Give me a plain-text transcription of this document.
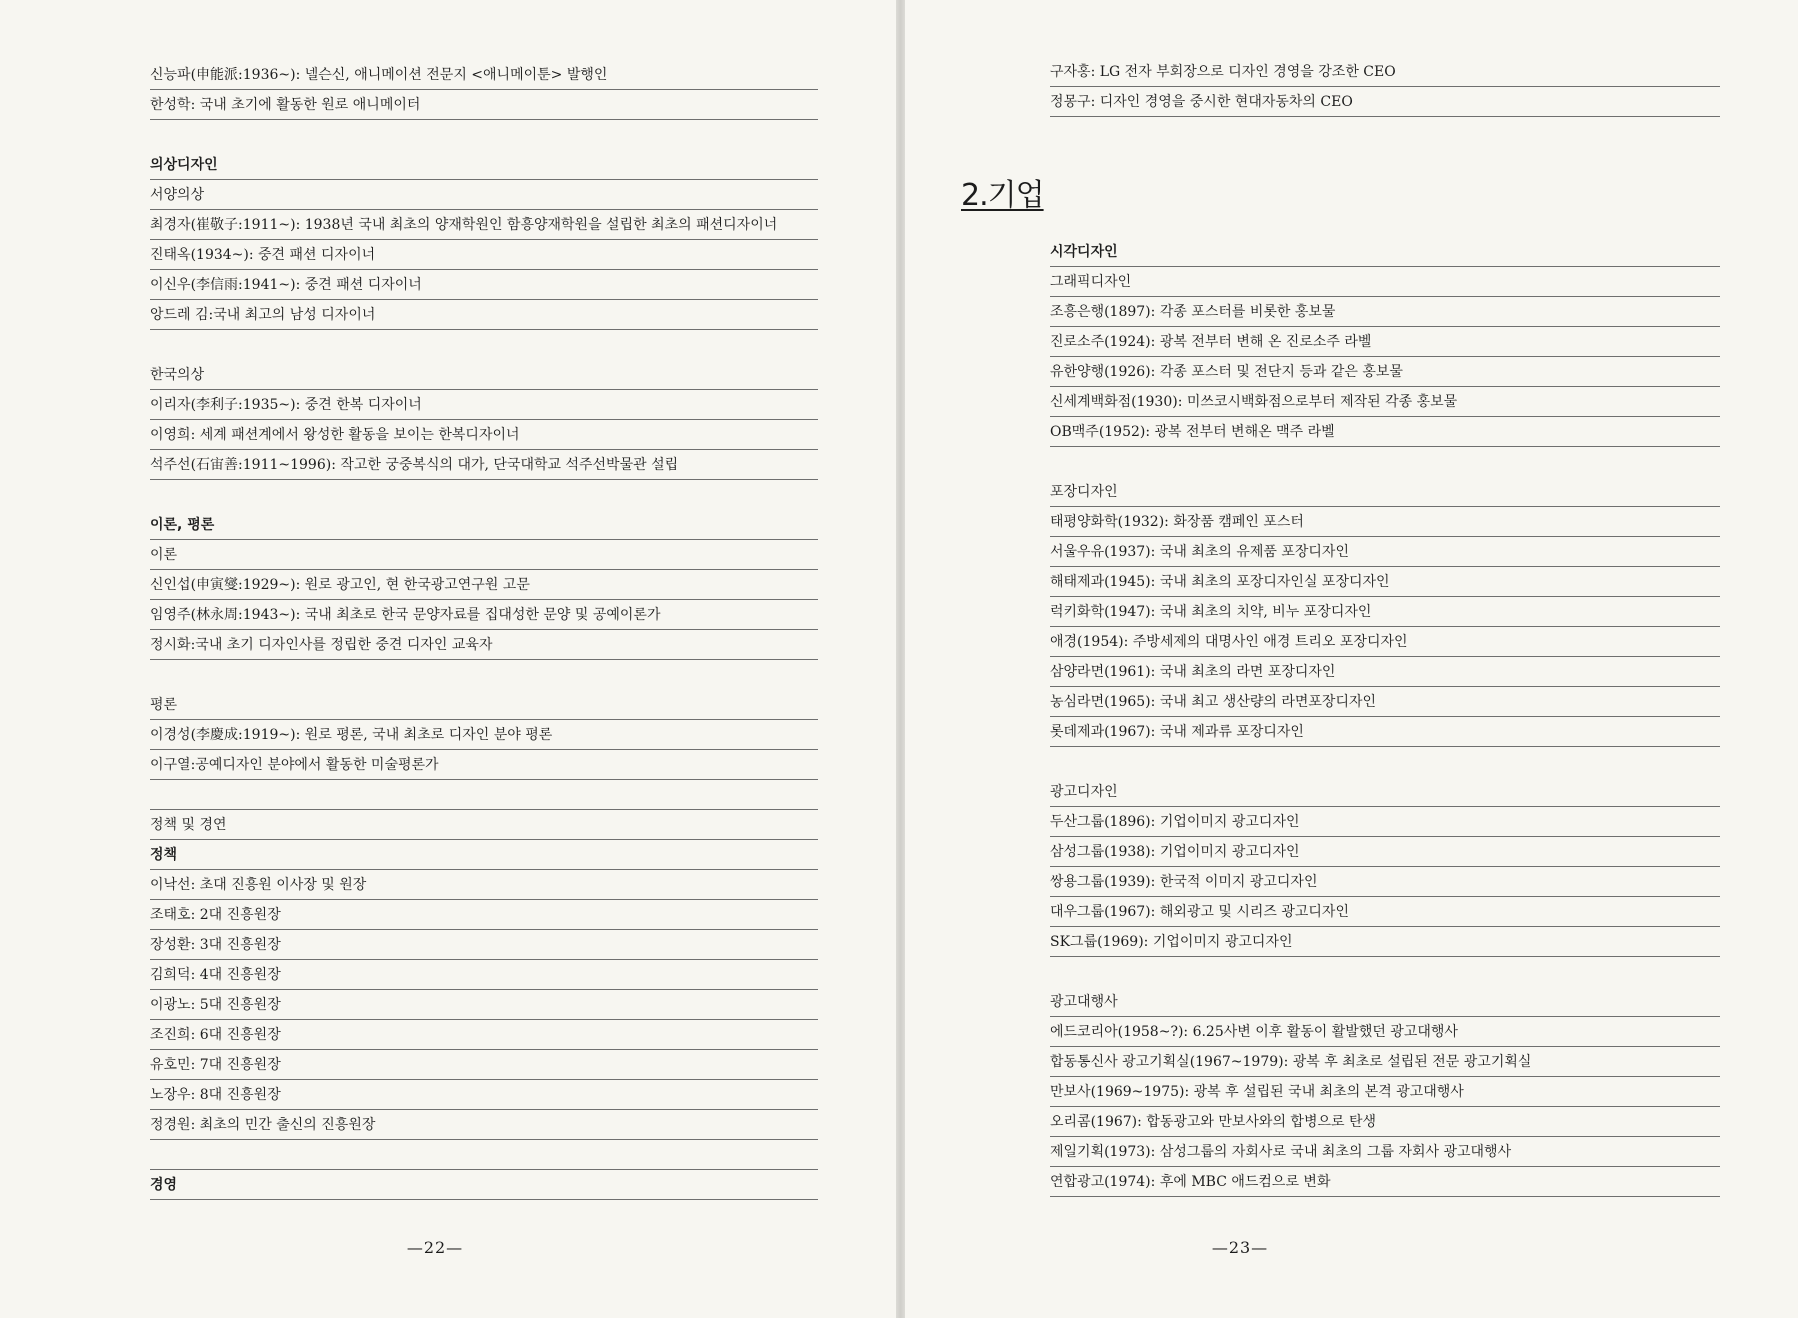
신능파(申能派:1936~): 넬슨신, 애니메이션 전문지 <애니메이툰> 발행인
한성학: 국내 초기에 활동한 원로 애니메이터
의상디자인
서양의상
최경자(崔敬子:1911~): 1938년 국내 최초의 양재학원인 함흥양재학원을 설립한 최초의 패션디자이너
진태옥(1934~): 중견 패션 디자이너
이신우(李信雨:1941~): 중견 패션 디자이너
앙드레 김:국내 최고의 남성 디자이너
한국의상
이리자(李利子:1935~): 중견 한복 디자이너
이영희: 세계 패션계에서 왕성한 활동을 보이는 한복디자이너
석주선(石宙善:1911~1996): 작고한 궁중복식의 대가, 단국대학교 석주선박물관 설립
이론, 평론
이론
신인섭(申寅燮:1929~): 원로 광고인, 현 한국광고연구원 고문
임영주(林永周:1943~): 국내 최초로 한국 문양자료를 집대성한 문양 및 공예이론가
정시화:국내 초기 디자인사를 정립한 중견 디자인 교육자
평론
이경성(李慶成:1919~): 원로 평론, 국내 최초로 디자인 분야 평론
이구열:공예디자인 분야에서 활동한 미술평론가
정책 및 경연
정책
이낙선: 초대 진흥원 이사장 및 원장
조태호: 2대 진흥원장
장성환: 3대 진흥원장
김희덕: 4대 진흥원장
이광노: 5대 진흥원장
조진희: 6대 진흥원장
유호민: 7대 진흥원장
노장우: 8대 진흥원장
정경원: 최초의 민간 출신의 진흥원장
경영
—22—
구자홍: LG 전자 부회장으로 디자인 경영을 강조한 CEO
정몽구: 디자인 경영을 중시한 현대자동차의 CEO
2.기업
시각디자인
그래픽디자인
조흥은행(1897): 각종 포스터를 비롯한 홍보물
진로소주(1924): 광복 전부터 변해 온 진로소주 라벨
유한양행(1926): 각종 포스터 및 전단지 등과 같은 홍보물
신세계백화점(1930): 미쓰코시백화점으로부터 제작된 각종 홍보물
OB맥주(1952): 광복 전부터 변해온 맥주 라벨
포장디자인
태평양화학(1932): 화장품 캠페인 포스터
서울우유(1937): 국내 최초의 유제품 포장디자인
해태제과(1945): 국내 최초의 포장디자인실 포장디자인
럭키화학(1947): 국내 최초의 치약, 비누 포장디자인
애경(1954): 주방세제의 대명사인 애경 트리오 포장디자인
삼양라면(1961): 국내 최초의 라면 포장디자인
농심라면(1965): 국내 최고 생산량의 라면포장디자인
롯데제과(1967): 국내 제과류 포장디자인
광고디자인
두산그룹(1896): 기업이미지 광고디자인
삼성그룹(1938): 기업이미지 광고디자인
쌍용그룹(1939): 한국적 이미지 광고디자인
대우그룹(1967): 해외광고 및 시리즈 광고디자인
SK그룹(1969): 기업이미지 광고디자인
광고대행사
에드코리아(1958~?): 6.25사변 이후 활동이 활발했던 광고대행사
합동통신사 광고기획실(1967~1979): 광복 후 최초로 설립된 전문 광고기획실
만보사(1969~1975): 광복 후 설립된 국내 최초의 본격 광고대행사
오리콤(1967): 합동광고와 만보사와의 합병으로 탄생
제일기획(1973): 삼성그룹의 자회사로 국내 최초의 그룹 자회사 광고대행사
연합광고(1974): 후에 MBC 애드컴으로 변화
—23—
